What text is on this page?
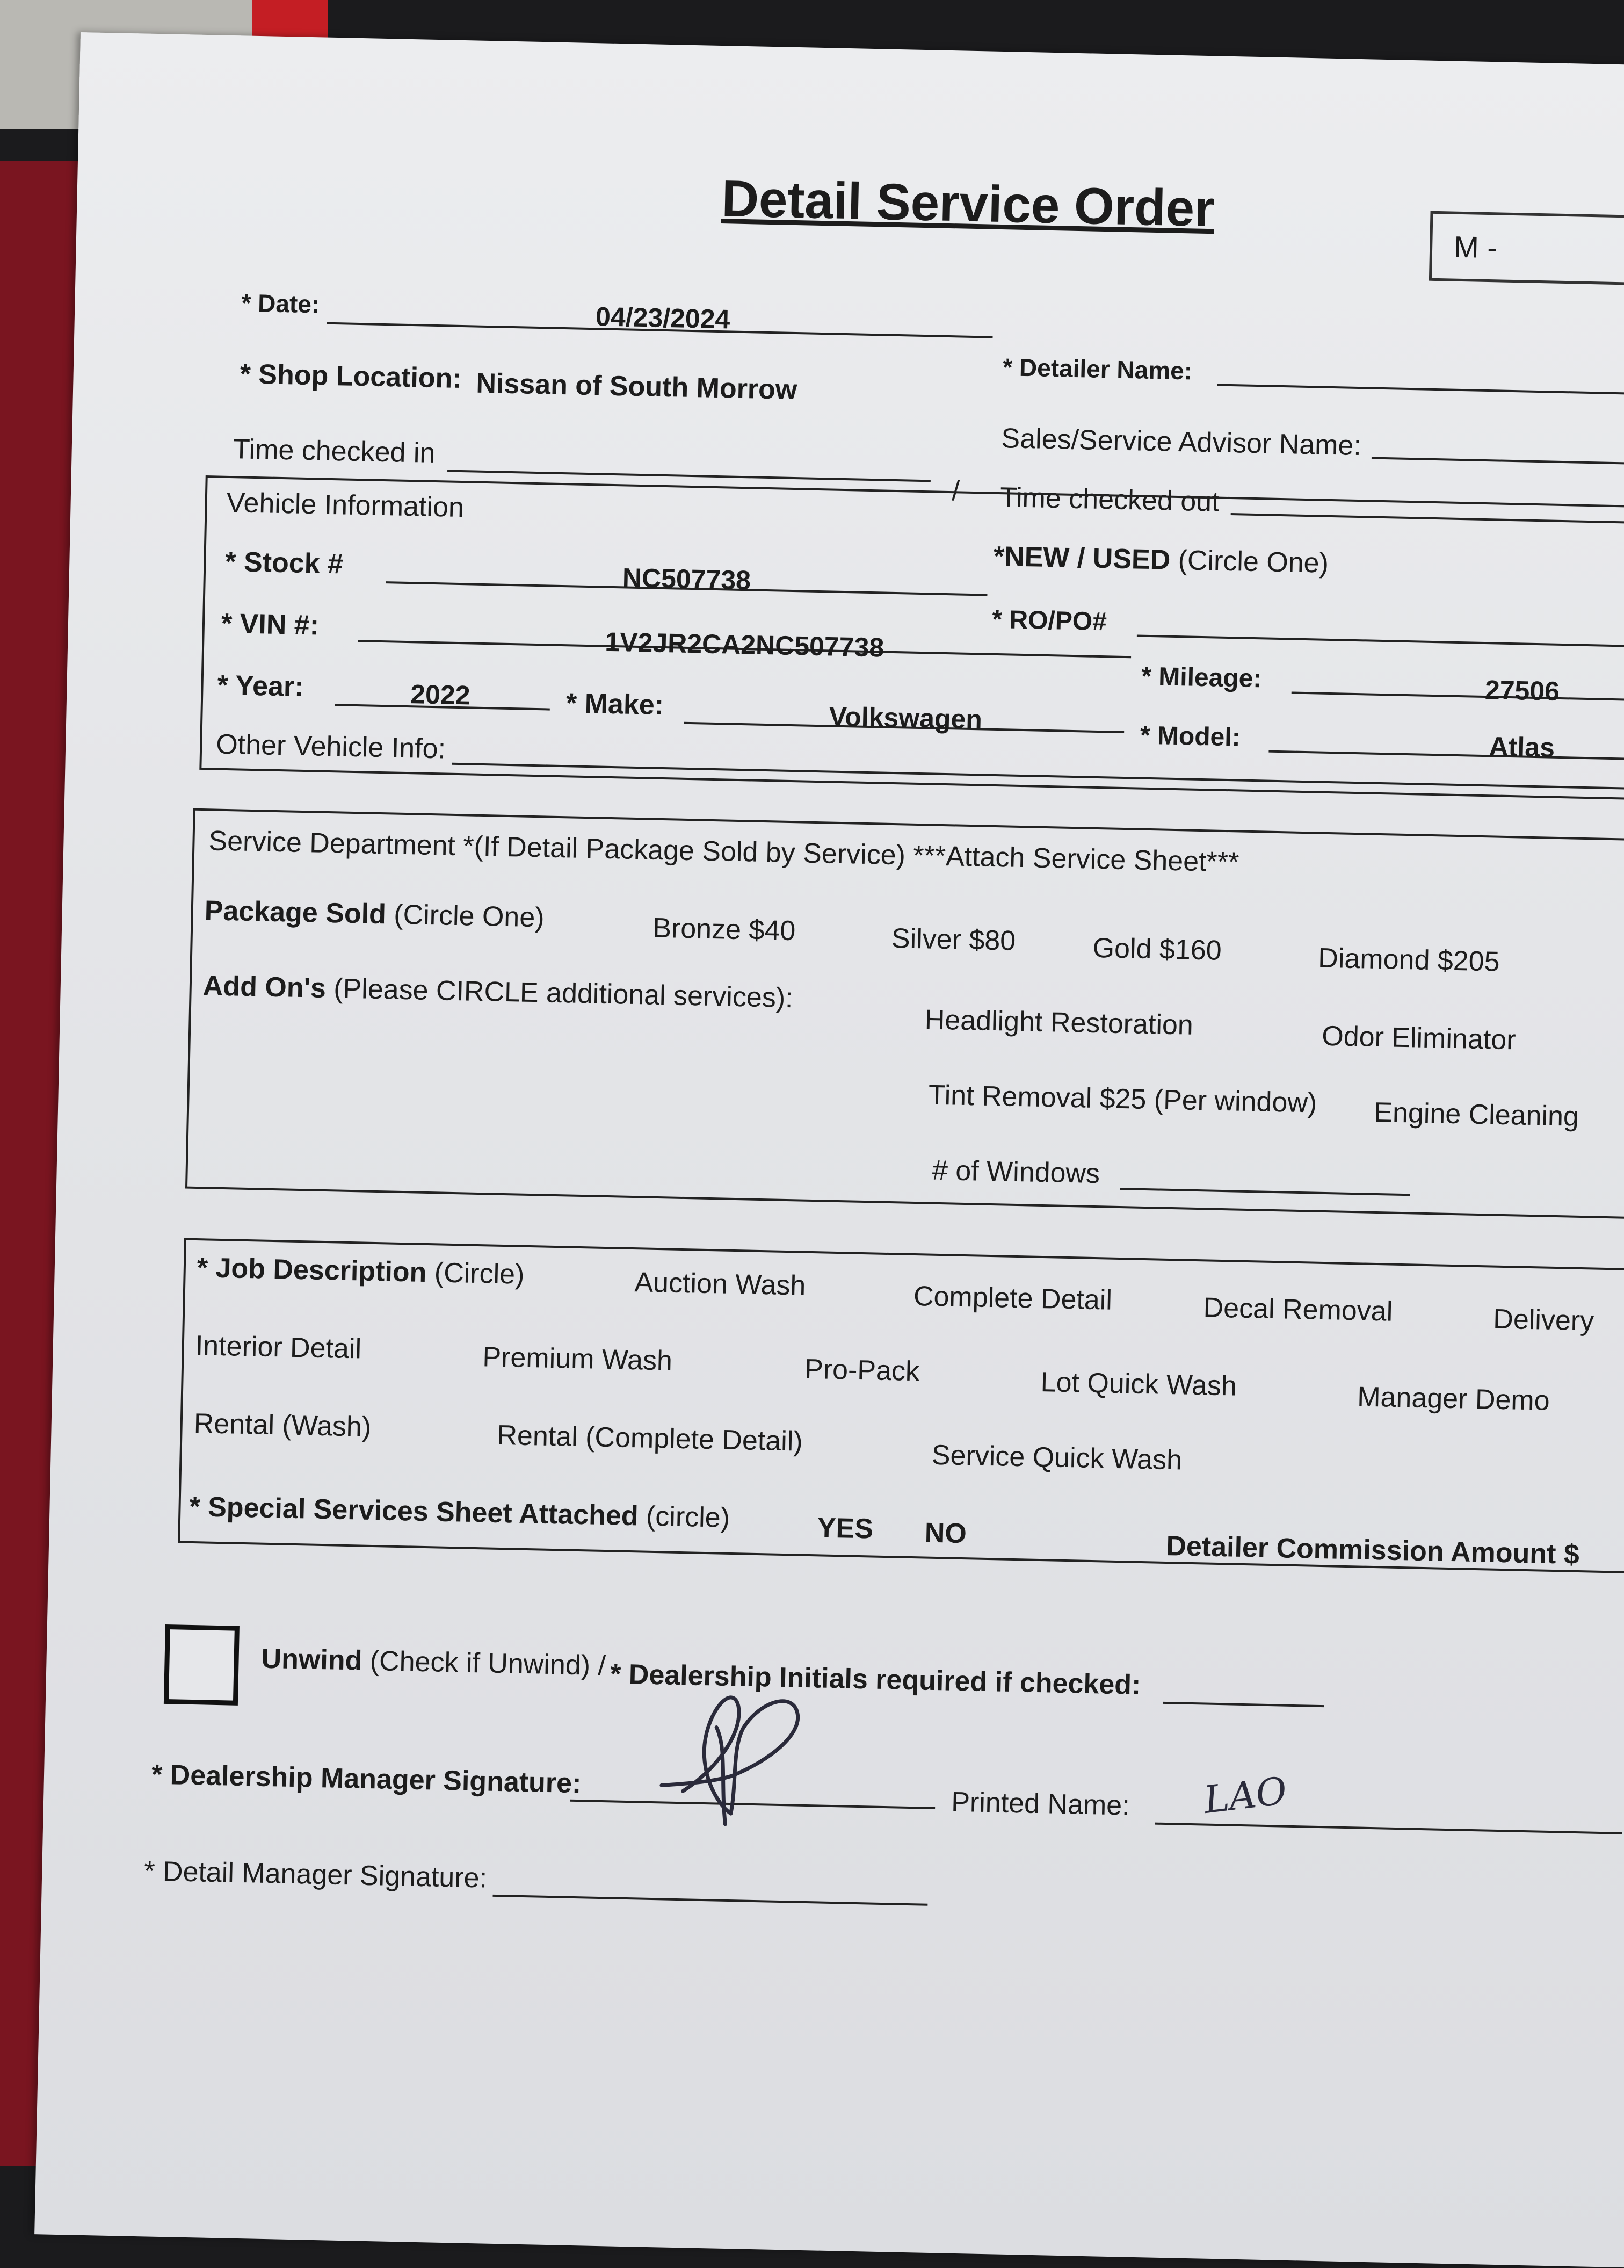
Detail Service Order
M -
* Date:	04/23/2024
* Detailer Name:
* Shop Location: Nissan of South Morrow
Sales/Service Advisor Name:
Time checked in
/ Time checked out
Vehicle Information
*NEW / USED (Circle One)
* Stock #	NC507738
* RO/PO#
* VIN #:
1V2JR2CA2NC507738
* Mileage:	27506
* Year:	2022	* Make:	Volkswagen
* Model:	Atlas
Other Vehicle Info:
Service Department *(If Detail Package Sold by Service) ***Attach Service Sheet***
Package Sold (Circle One)	Bronze $40	Silver $80	Gold $160	Diamond $205
Add On's (Please CIRCLE additional services):
Headlight Restoration	Odor Eliminator
Tint Removal $25 (Per window) Engine Cleaning
# of Windows
* Job Description (Circle)	Auction Wash	Complete Detail	Decal Removal	Delivery
Interior Detail	Premium Wash	Pro-Pack	Lot Quick Wash	Manager Demo
Rental (Wash)	Rental (Complete Detail)
Service Quick Wash
* Special Services Sheet Attached (circle)	YES NO	Detailer Commission Amount $
Unwind (Check if Unwind) / * Dealership Initials required if checked:
* Dealership Manager Signature:
Printed Name: LAO
* Detail Manager Signature:
